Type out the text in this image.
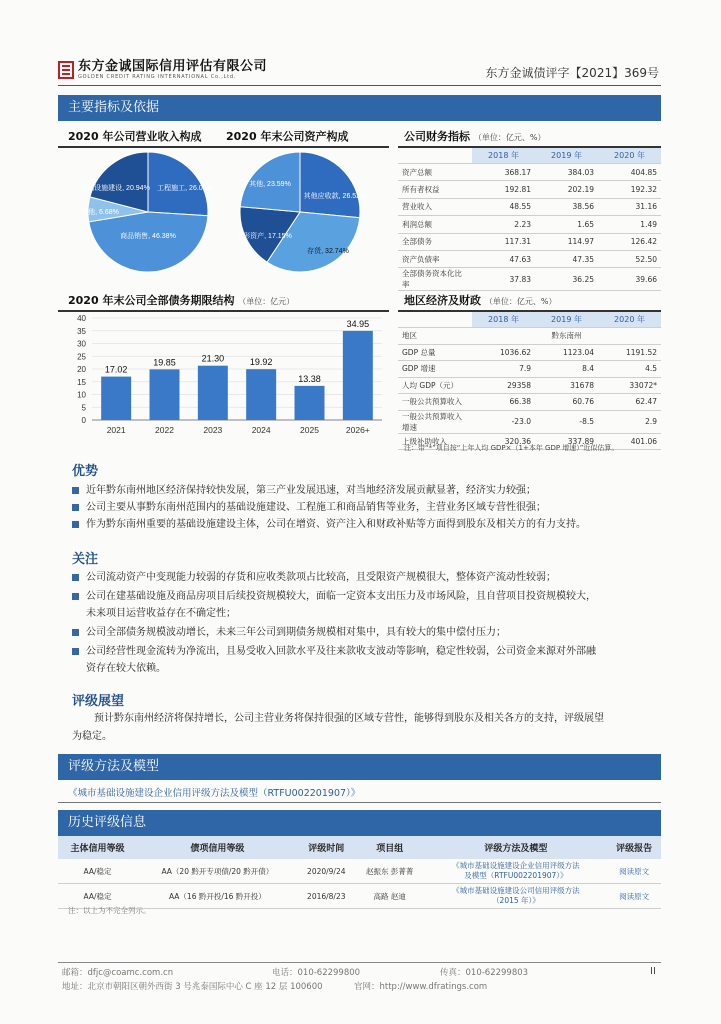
东方金诚国际信用评估有限公司
GOLDEN CREDIT RATING INTERNATIONAL Co.,Ltd.	东方金诚债评字【2021】369号
主要指标及依据
2020 年公司营业收入构成 2020 年末公司资产构成
工程施工, 26.00%
商品销售, 46.38%
其他, 6.68%
基础设施建设, 20.94%
其他应收款, 26.52%
存货, 32.74%
无形资产, 17.15%
其他, 23.59%
公司财务指标 （单位：亿元、%）
	2018 年	2019 年	2020 年
资产总额	368.17	384.03	404.85
所有者权益	192.81	202.19	192.32
营业收入	48.55	38.56	31.16
利润总额	2.23	1.65	1.49
全部债务	117.31	114.97	126.42
资产负债率	47.63	47.35	52.50
全部债务资本化比率	37.83	36.25	39.66
2020 年末公司全部债务期限结构 （单位：亿元）
0
5
10
15
20
25
30
35
40
17.02
2021
19.85
2022
21.30
2023
19.92
2024
13.38
2025
34.95
2026+
地区经济及财政 （单位：亿元、%）
	2018 年	2019 年	2020 年
地区	黔东南州		
GDP 总量	1036.62	1123.04	1191.52
GDP 增速	7.9	8.4	4.5
人均 GDP（元）	29358	31678	33072*
一般公共预算收入	66.38	60.76	62.47
一般公共预算收入增速	-23.0	-8.5	2.9
上级补助收入	320.36	337.89	401.06
注：带“*”项目按“上年人均 GDP×（1+本年 GDP 增速）”近似估算。
优势
近年黔东南州地区经济保持较快发展，第三产业发展迅速，对当地经济发展贡献显著，经济实力较强；
公司主要从事黔东南州范围内的基础设施建设、工程施工和商品销售等业务，主营业务区域专营性很强；
作为黔东南州重要的基础设施建设主体，公司在增资、资产注入和财政补贴等方面得到股东及相关方的有力支持。
关注
公司流动资产中变现能力较弱的存货和应收类款项占比较高，且受限资产规模很大，整体资产流动性较弱；
公司在建基础设施及商品房项目后续投资规模较大，面临一定资本支出压力及市场风险，且自营项目投资规模较大，
未来项目运营收益存在不确定性；
公司全部债务规模波动增长，未来三年公司到期债务规模相对集中，具有较大的集中偿付压力；
公司经营性现金流转为净流出，且易受收入回款水平及往来款收支波动等影响，稳定性较弱，公司资金来源对外部融
资存在较大依赖。
评级展望
预计黔东南州经济将保持增长，公司主营业务将保持很强的区域专营性，能够得到股东及相关各方的支持，评级展望
为稳定。
评级方法及模型
《城市基础设施建设企业信用评级方法及模型（RTFU002201907）》
历史评级信息
主体信用等级	债项信用等级	评级时间	项目组	评级方法及模型	评级报告
AA/稳定	AA（20 黔开专项债/20 黔开债）	2020/9/24	赵振东 彭菁菁	《城市基础设施建设企业信用评级方法
及模型（RTFU002201907）》	阅读原文
AA/稳定	AA（16 黔开投/16 黔开投）	2016/8/23	高路 赵迪	《城市基础设施建设公司信用评级方法
（2015 年）》	阅读原文
注：以上为不完全列示。
邮箱：dfjc@coamc.com.cn	电话：010-62299800	传真：010-62299803	II
地址：北京市朝阳区朝外西街 3 号兆泰国际中心 C 座 12 层 100600	官网：http://www.dfratings.com
